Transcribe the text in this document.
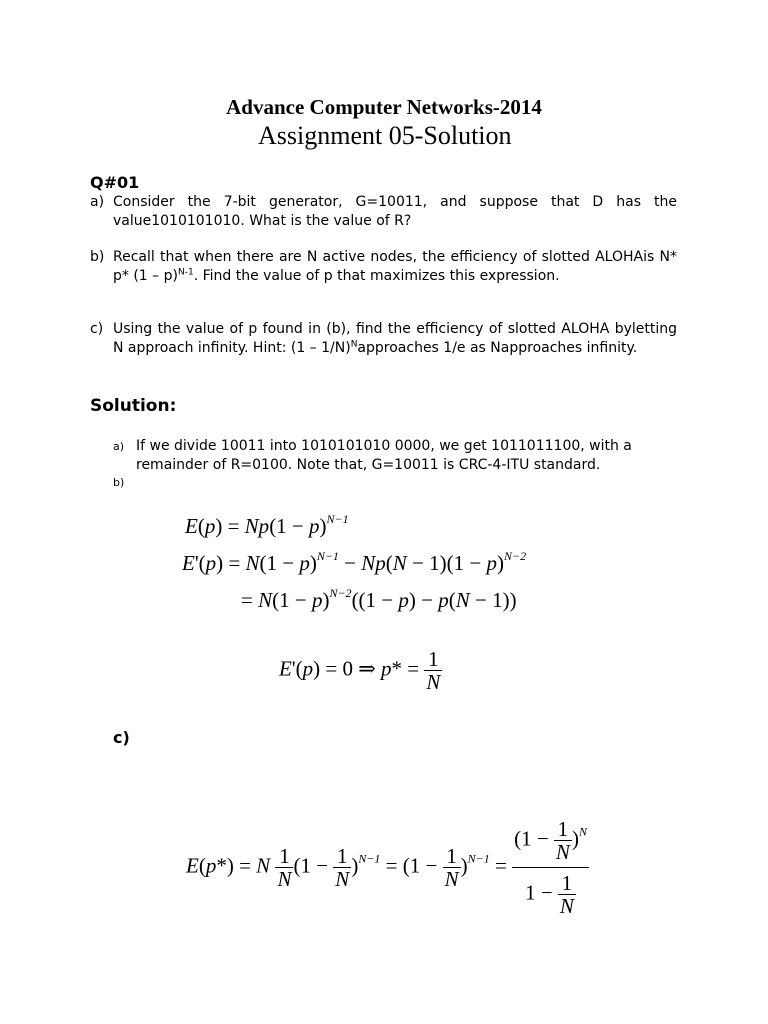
Advance Computer Networks-2014
Assignment 05-Solution
Q#01
a) Consider the 7-bit generator, G=10011, and suppose that D has the value1010101010. What is the value of R?
b) Recall that when there are N active nodes, the efficiency of slotted ALOHAis N* p* (1 – p)$^{N-1}$. Find the value of p that maximizes this expression.
c) Using the value of p found in (b), find the efficiency of slotted ALOHA byletting N approach infinity. Hint: (1 – 1/N)$^N$approaches 1/e as Napproaches infinity.
Solution:
a) If we divide 10011 into 1010101010 0000, we get 1011011100, with a remainder of R=0100. Note that, G=10011 is CRC-4-ITU standard.
b)
$E(p) = Np(1 - p)^{N-1}$
$E'(p) = N(1 - p)^{N-1} - Np(N - 1)(1 - p)^{N-2}$
= $N(1 - p)^{N-2}((1 - p) - p(N - 1))$
E'(p) = 0 ⇒ $p* = \frac{1}{N}$
c)
E(p*) = N $\frac{1}{N} (1 - \frac{1}{N} )^{N-1} = (1 - \frac{1}{N} )^{N-1} = \frac{(1 - \frac{1}{N} )^N}{1 - \frac{1}{N}}$
